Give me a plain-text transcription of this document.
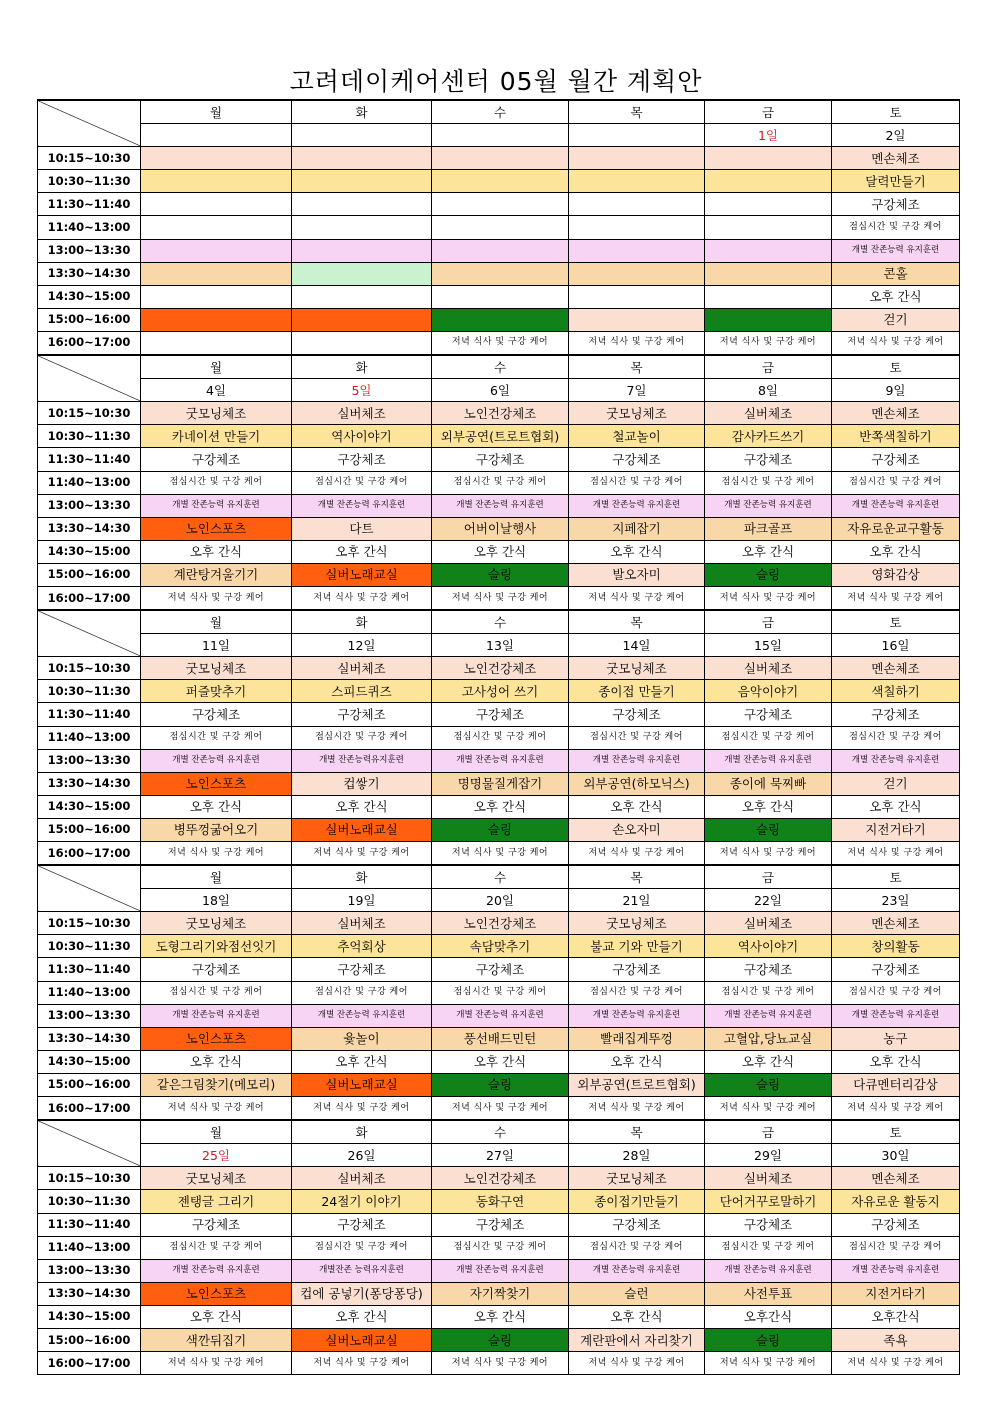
고려데이케어센터 05월 월간 계획안
	월	화	수	목	금	토
					1일	2일
10:15~10:30						멘손체조
10:30~11:30						달력만들기
11:30~11:40						구강체조
11:40~13:00						점심시간 및 구강 케어
13:00~13:30						개별 잔존능력 유지훈련
13:30~14:30						콘홀
14:30~15:00						오후 간식
15:00~16:00						걷기
16:00~17:00			저녁 식사 및 구강 케어	저녁 식사 및 구강 케어	저녁 식사 및 구강 케어	저녁 식사 및 구강 케어
	월	화	수	목	금	토
	4일	5일	6일	7일	8일	9일
10:15~10:30	굿모닝체조	실버체조	노인건강체조	굿모닝체조	실버체조	멘손체조
10:30~11:30	카네이션 만들기	역사이야기	외부공연(트로트협회)	철교놀이	감사카드쓰기	반쪽색칠하기
11:30~11:40	구강체조	구강체조	구강체조	구강체조	구강체조	구강체조
11:40~13:00	점심시간 및 구강 케어	점심시간 및 구강 케어	점심시간 및 구강 케어	점심시간 및 구강 케어	점심시간 및 구강 케어	점심시간 및 구강 케어
13:00~13:30	개별 잔존능력 유지훈련	개별 잔존능력 유지훈련	개별 잔존능력 유지훈련	개별 잔존능력 유지훈련	개별 잔존능력 유지훈련	개별 잔존능력 유지훈련
13:30~14:30	노인스포츠	다트	어버이날행사	지페잡기	파크골프	자유로운교구활동
14:30~15:00	오후 간식	오후 간식	오후 간식	오후 간식	오후 간식	오후 간식
15:00~16:00	계란탕겨울기기	실버노래교실	슬링	발오자미	슬링	영화감상
16:00~17:00	저녁 식사 및 구강 케어	저녁 식사 및 구강 케어	저녁 식사 및 구강 케어	저녁 식사 및 구강 케어	저녁 식사 및 구강 케어	저녁 식사 및 구강 케어
	월	화	수	목	금	토
	11일	12일	13일	14일	15일	16일
10:15~10:30	굿모닝체조	실버체조	노인건강체조	굿모닝체조	실버체조	멘손체조
10:30~11:30	퍼즐맞추기	스피드퀴즈	고사성어 쓰기	종이접 만들기	음악이야기	색칠하기
11:30~11:40	구강체조	구강체조	구강체조	구강체조	구강체조	구강체조
11:40~13:00	점심시간 및 구강 케어	점심시간 및 구강 케어	점심시간 및 구강 케어	점심시간 및 구강 케어	점심시간 및 구강 케어	점심시간 및 구강 케어
13:00~13:30	개별 잔존능력 유지훈련	개별 잔존능력유지훈련	개별 잔존능력 유지훈련	개별 잔존능력 유지훈련	개별 잔존능력 유지훈련	개별 잔존능력 유지훈련
13:30~14:30	노인스포츠	컵쌓기	명명물질게잡기	외부공연(하모닉스)	종이에 묵찌빠	걷기
14:30~15:00	오후 간식	오후 간식	오후 간식	오후 간식	오후 간식	오후 간식
15:00~16:00	병뚜껑굶어오기	실버노래교실	슬링	손오자미	슬링	지전거타기
16:00~17:00	저녁 식사 및 구강 케어	저녁 식사 및 구강 케어	저녁 식사 및 구강 케어	저녁 식사 및 구강 케어	저녁 식사 및 구강 케어	저녁 식사 및 구강 케어
	월	화	수	목	금	토
	18일	19일	20일	21일	22일	23일
10:15~10:30	굿모닝체조	실버체조	노인건강체조	굿모닝체조	실버체조	멘손체조
10:30~11:30	도형그리기와점선잇기	추억회상	속담맞추기	불교 기와 만들기	역사이야기	창의활동
11:30~11:40	구강체조	구강체조	구강체조	구강체조	구강체조	구강체조
11:40~13:00	점심시간 및 구강 케어	점심시간 및 구강 케어	점심시간 및 구강 케어	점심시간 및 구강 케어	점심시간 및 구강 케어	점심시간 및 구강 케어
13:00~13:30	개별 잔존능력 유지훈련	개별 잔존능력 유지훈련	개별 잔존능력 유지훈련	개별 잔존능력 유지훈련	개별 잔존능력 유지훈련	개별 잔존능력 유지훈련
13:30~14:30	노인스포츠	윷놀이	풍선배드민턴	빨래집게뚜껑	고혈압,당뇨교실	농구
14:30~15:00	오후 간식	오후 간식	오후 간식	오후 간식	오후 간식	오후 간식
15:00~16:00	같은그림찾기(메모리)	실버노래교실	슬링	외부공연(트로트협회)	슬링	다큐멘터리감상
16:00~17:00	저녁 식사 및 구강 케어	저녁 식사 및 구강 케어	저녁 식사 및 구강 케어	저녁 식사 및 구강 케어	저녁 식사 및 구강 케어	저녁 식사 및 구강 케어
	월	화	수	목	금	토
	25일	26일	27일	28일	29일	30일
10:15~10:30	굿모닝체조	실버체조	노인건강체조	굿모닝체조	실버체조	멘손체조
10:30~11:30	젠탱글 그리기	24절기 이야기	동화구연	종이접기만들기	단어거꾸로말하기	자유로운 활동지
11:30~11:40	구강체조	구강체조	구강체조	구강체조	구강체조	구강체조
11:40~13:00	점심시간 및 구강 케어	점심시간 및 구강 케어	점심시간 및 구강 케어	점심시간 및 구강 케어	점심시간 및 구강 케어	점심시간 및 구강 케어
13:00~13:30	개별 잔존능력 유지훈련	개별잔존 능력유지훈련	개별 잔존능력 유지훈련	개별 잔존능력 유지훈련	개별 잔존능력 유지훈련	개별 잔존능력 유지훈련
13:30~14:30	노인스포츠	컵에 공넣기(퐁당퐁당)	자기짝찾기	슬런	사전투표	지전거타기
14:30~15:00	오후 간식	오후 간식	오후 간식	오후 간식	오후간식	오후간식
15:00~16:00	색깐뒤집기	실버노래교실	슬링	계란판에서 자리찾기	슬링	족욕
16:00~17:00	저녁 식사 및 구강 케어	저녁 식사 및 구강 케어	저녁 식사 및 구강 케어	저녁 식사 및 구강 케어	저녁 식사 및 구강 케어	저녁 식사 및 구강 케어
